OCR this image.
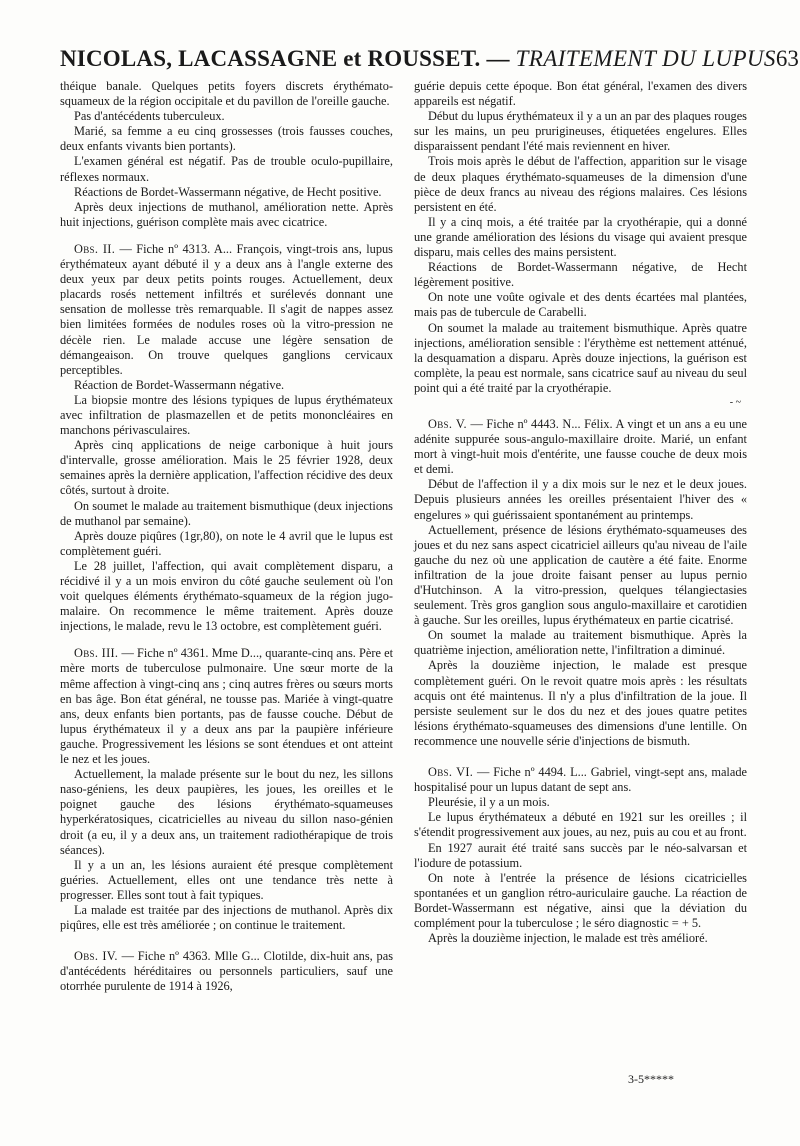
NICOLAS, LACASSAGNE et ROUSSET. — TRAITEMENT DU LUPUS 63

théique banale. Quelques petits foyers discrets érythémato-squameux de la région occipitale et du pavillon de l'oreille gauche.

Pas d'antécédents tuberculeux.

Marié, sa femme a eu cinq grossesses (trois fausses couches, deux enfants vivants bien portants).

L'examen général est négatif. Pas de trouble oculo-pupillaire, réflexes normaux.

Réactions de Bordet-Wassermann négative, de Hecht positive.

Après deux injections de muthanol, amélioration nette. Après huit injections, guérison complète mais avec cicatrice.

Obs. II. — Fiche nº 4313. A... François, vingt-trois ans, lupus érythémateux ayant débuté il y a deux ans à l'angle externe des deux yeux par deux petits points rouges. Actuellement, deux placards rosés nettement infiltrés et surélevés donnant une sensation de mollesse très remarquable. Il s'agit de nappes assez bien limitées formées de nodules roses où la vitro-pression ne décèle rien. Le malade accuse une légère sensation de démangeaison. On trouve quelques ganglions cervicaux perceptibles.

Réaction de Bordet-Wassermann négative.

La biopsie montre des lésions typiques de lupus érythémateux avec infiltration de plasmazellen et de petits mononcléaires en manchons périvasculaires.

Après cinq applications de neige carbonique à huit jours d'intervalle, grosse amélioration. Mais le 25 février 1928, deux semaines après la dernière application, l'affection récidive des deux côtés, surtout à droite.

On soumet le malade au traitement bismuthique (deux injections de muthanol par semaine).

Après douze piqûres (1gr,80), on note le 4 avril que le lupus est complètement guéri.

Le 28 juillet, l'affection, qui avait complètement disparu, a récidivé il y a un mois environ du côté gauche seulement où l'on voit quelques éléments érythémato-squameux de la région jugo-malaire. On recommence le même traitement. Après douze injections, le malade, revu le 13 octobre, est complètement guéri.

Obs. III. — Fiche nº 4361. Mme D..., quarante-cinq ans. Père et mère morts de tuberculose pulmonaire. Une sœur morte de la même affection à vingt-cinq ans ; cinq autres frères ou sœurs morts en bas âge. Bon état général, ne tousse pas. Mariée à vingt-quatre ans, deux enfants bien portants, pas de fausse couche. Début de lupus érythémateux il y a deux ans par la paupière inférieure gauche. Progressivement les lésions se sont étendues et ont atteint le nez et les joues.

Actuellement, la malade présente sur le bout du nez, les sillons naso-géniens, les deux paupières, les joues, les oreilles et le poignet gauche des lésions érythémato-squameuses hyperkératosiques, cicatricielles au niveau du sillon naso-génien droit (a eu, il y a deux ans, un traitement radiothérapique de trois séances).

Il y a un an, les lésions auraient été presque complètement guéries. Actuellement, elles ont une tendance très nette à progresser. Elles sont tout à fait typiques.

La malade est traitée par des injections de muthanol. Après dix piqûres, elle est très améliorée ; on continue le traitement.

Obs. IV. — Fiche nº 4363. Mlle G... Clotilde, dix-huit ans, pas d'antécédents héréditaires ou personnels particuliers, sauf une otorrhée purulente de 1914 à 1926,

guérie depuis cette époque. Bon état général, l'examen des divers appareils est négatif.

Début du lupus érythémateux il y a un an par des plaques rouges sur les mains, un peu prurigineuses, étiquetées engelures. Elles disparaissent pendant l'été mais reviennent en hiver.

Trois mois après le début de l'affection, apparition sur le visage de deux plaques érythémato-squameuses de la dimension d'une pièce de deux francs au niveau des régions malaires. Ces lésions persistent en été.

Il y a cinq mois, a été traitée par la cryothérapie, qui a donné une grande amélioration des lésions du visage qui avaient presque disparu, mais celles des mains persistent.

Réactions de Bordet-Wassermann négative, de Hecht légèrement positive.

On note une voûte ogivale et des dents écartées mal plantées, mais pas de tubercule de Carabelli.

On soumet la malade au traitement bismuthique. Après quatre injections, amélioration sensible : l'érythème est nettement atténué, la desquamation a disparu. Après douze injections, la guérison est complète, la peau est normale, sans cicatrice sauf au niveau du seul point qui a été traité par la cryothérapie.

- ~

Obs. V. — Fiche nº 4443. N... Félix. A vingt et un ans a eu une adénite suppurée sous-angulo-maxillaire droite. Marié, un enfant mort à vingt-huit mois d'entérite, une fausse couche de deux mois et demi.

Début de l'affection il y a dix mois sur le nez et le deux joues. Depuis plusieurs années les oreilles présentaient l'hiver des « engelures » qui guérissaient spontanément au printemps.

Actuellement, présence de lésions érythémato-squameuses des joues et du nez sans aspect cicatriciel ailleurs qu'au niveau de l'aile gauche du nez où une application de cautère a été faite. Enorme infiltration de la joue droite faisant penser au lupus pernio d'Hutchinson. A la vitro-pression, quelques télangiectasies seulement. Très gros ganglion sous angulo-maxillaire et carotidien à gauche. Sur les oreilles, lupus érythémateux en partie cicatrisé.

On soumet la malade au traitement bismuthique. Après la quatrième injection, amélioration nette, l'infiltration a diminué.

Après la douzième injection, le malade est presque complètement guéri. On le revoit quatre mois après : les résultats acquis ont été maintenus. Il n'y a plus d'infiltration de la joue. Il persiste seulement sur le dos du nez et des joues quatre petites lésions érythémato-squameuses des dimensions d'une lentille. On recommence une nouvelle série d'injections de bismuth.

Obs. VI. — Fiche nº 4494. L... Gabriel, vingt-sept ans, malade hospitalisé pour un lupus datant de sept ans.

Pleurésie, il y a un mois.

Le lupus érythémateux a débuté en 1921 sur les oreilles ; il s'étendit progressivement aux joues, au nez, puis au cou et au front.

En 1927 aurait été traité sans succès par le néo-salvarsan et l'iodure de potassium.

On note à l'entrée la présence de lésions cicatricielles spontanées et un ganglion rétro-auriculaire gauche. La réaction de Bordet-Wassermann est négative, ainsi que la déviation du complément pour la tuberculose ; le séro diagnostic = + 5.

Après la douzième injection, le malade est très amélioré.

3-5*****
